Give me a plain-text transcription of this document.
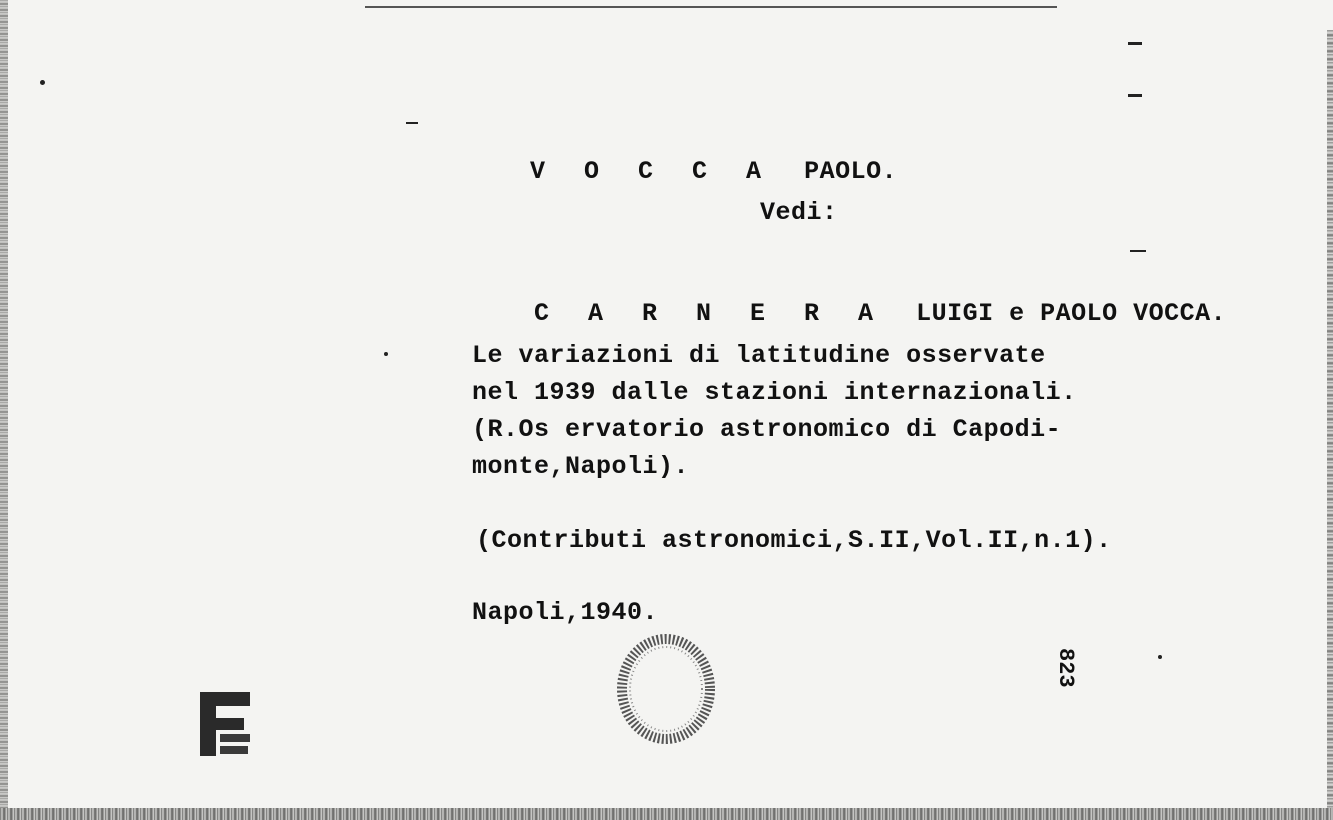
V O C C A PAOLO.

Vedi:

C A R N E R A LUIGI e PAOLO VOCCA.

Le variazioni di latitudine osservate
nel 1939 dalle stazioni internazionali.
(R.Os ervatorio astronomico di Capodi-
monte,Napoli).
(Contributi astronomici,S.II,Vol.II,n.1).
Napoli,1940.
823
